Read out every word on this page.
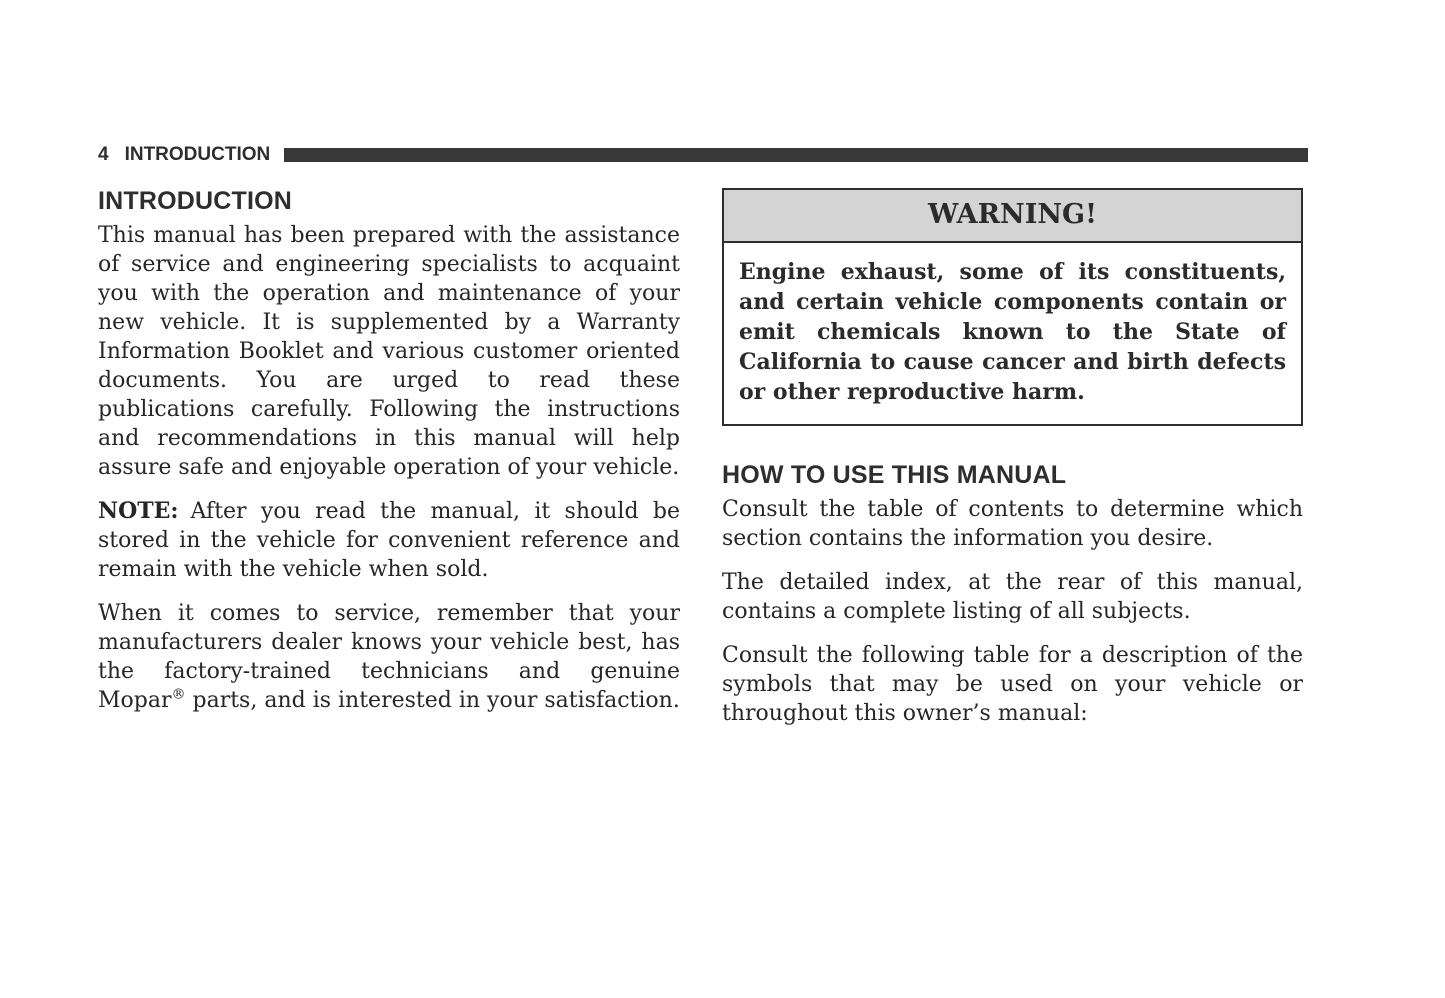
4 INTRODUCTION
INTRODUCTION

This manual has been prepared with the assistance of service and engineering specialists to acquaint you with the operation and maintenance of your new vehicle. It is supplemented by a Warranty Information Booklet and various customer oriented documents. You are urged to read these publications carefully. Following the instructions and recommendations in this manual will help assure safe and enjoyable operation of your vehicle.

NOTE: After you read the manual, it should be stored in the vehicle for convenient reference and remain with the vehicle when sold.

When it comes to service, remember that your manufacturers dealer knows your vehicle best, has the factory-trained technicians and genuine Mopar® parts, and is interested in your satisfaction.

WARNING!
Engine exhaust, some of its constituents, and certain vehicle components contain or emit chemicals known to the State of California to cause cancer and birth defects or other reproductive harm.
HOW TO USE THIS MANUAL

Consult the table of contents to determine which section contains the information you desire.

The detailed index, at the rear of this manual, contains a complete listing of all subjects.

Consult the following table for a description of the symbols that may be used on your vehicle or throughout this owner’s manual:
